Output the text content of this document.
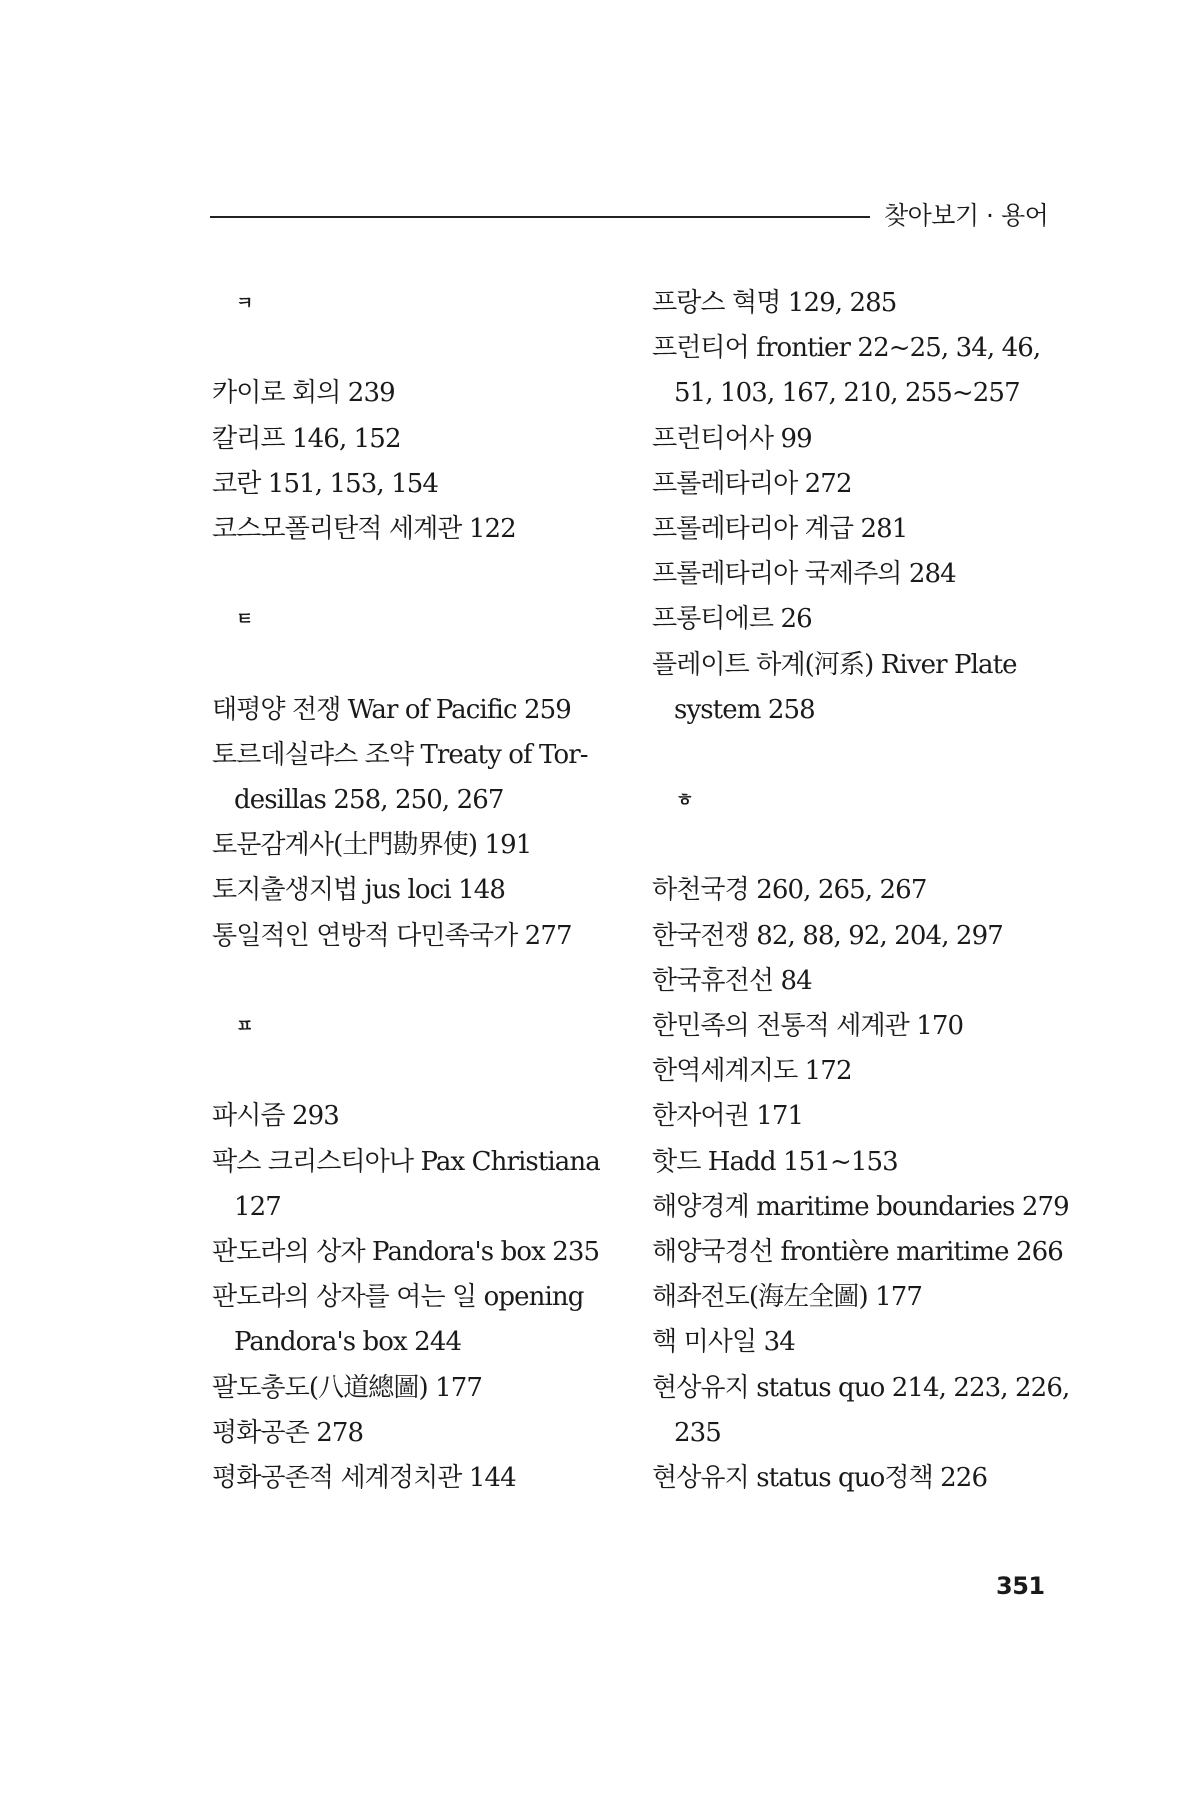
찾아보기 · 용어
ㅋ
카이로 회의 239
칼리프 146, 152
코란 151, 153, 154
코스모폴리탄적 세계관 122
ㅌ
태평양 전쟁 War of Pacific 259
토르데실랴스 조약 Treaty of Tor-
desillas 258, 250, 267
토문감계사(土門勘界使) 191
토지출생지법 jus loci 148
통일적인 연방적 다민족국가 277
ㅍ
파시즘 293
팍스 크리스티아나 Pax Christiana
127
판도라의 상자 Pandora's box 235
판도라의 상자를 여는 일 opening
Pandora's box 244
팔도총도(八道總圖) 177
평화공존 278
평화공존적 세계정치관 144
프랑스 혁명 129, 285
프런티어 frontier 22~25, 34, 46,
51, 103, 167, 210, 255~257
프런티어사 99
프롤레타리아 272
프롤레타리아 계급 281
프롤레타리아 국제주의 284
프롱티에르 26
플레이트 하계(河系) River Plate
system 258
ㅎ
하천국경 260, 265, 267
한국전쟁 82, 88, 92, 204, 297
한국휴전선 84
한민족의 전통적 세계관 170
한역세계지도 172
한자어권 171
핫드 Hadd 151~153
해양경계 maritime boundaries 279
해양국경선 frontière maritime 266
해좌전도(海左全圖) 177
핵 미사일 34
현상유지 status quo 214, 223, 226,
235
현상유지 status quo정책 226
351
